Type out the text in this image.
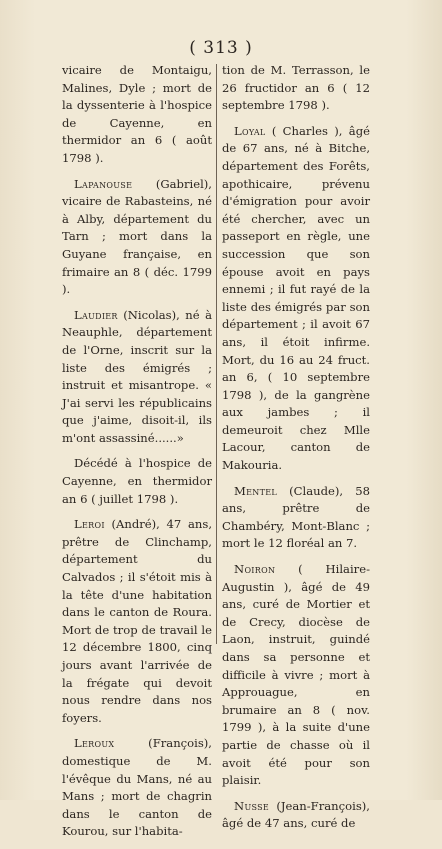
( 313 )

vicaire de Montaigu, Malines, Dyle ; mort de la dyssenterie à l'hospice de Cayenne, en thermidor an 6 ( août 1798 ).

Lapanouse (Gabriel), vicaire de Rabasteins, né à Alby, département du Tarn ; mort dans la Guyane française, en frimaire an 8 ( déc. 1799 ).

Laudier (Nicolas), né à Neauphle, département de l'Orne, inscrit sur la liste des émigrés ; instruit et misantrope. « J'ai servi les républicains que j'aime, disoit-il, ils m'ont assassiné......»

Décédé à l'hospice de Cayenne, en thermidor an 6 ( juillet 1798 ).

Leroi (André), 47 ans, prêtre de Clinchamp, département du Calvados ; il s'étoit mis à la tête d'une habitation dans le canton de Roura. Mort de trop de travail le 12 décembre 1800, cinq jours avant l'arrivée de la frégate qui devoit nous rendre dans nos foyers.

Leroux (François), domestique de M. l'évêque du Mans, né au Mans ; mort de chagrin dans le canton de Kourou, sur l'habita-

tion de M. Terrasson, le 26 fructidor an 6 ( 12 septembre 1798 ).

Loyal ( Charles ), âgé de 67 ans, né à Bitche, département des Forêts, apothicaire, prévenu d'émigration pour avoir été chercher, avec un passeport en règle, une succession que son épouse avoit en pays ennemi ; il fut rayé de la liste des émigrés par son département ; il avoit 67 ans, il étoit infirme. Mort, du 16 au 24 fruct. an 6, ( 10 septembre 1798 ), de la gangrène aux jambes ; il demeuroit chez Mlle Lacour, canton de Makouria.

Mentel (Claude), 58 ans, prêtre de Chambéry, Mont-Blanc ; mort le 12 floréal an 7.

Noiron ( Hilaire-Augustin ), âgé de 49 ans, curé de Mortier et de Crecy, diocèse de Laon, instruit, guindé dans sa personne et difficile à vivre ; mort à Approuague, en brumaire an 8 ( nov. 1799 ), à la suite d'une partie de chasse où il avoit été pour son plaisir.

Nusse (Jean-François), âgé de 47 ans, curé de
